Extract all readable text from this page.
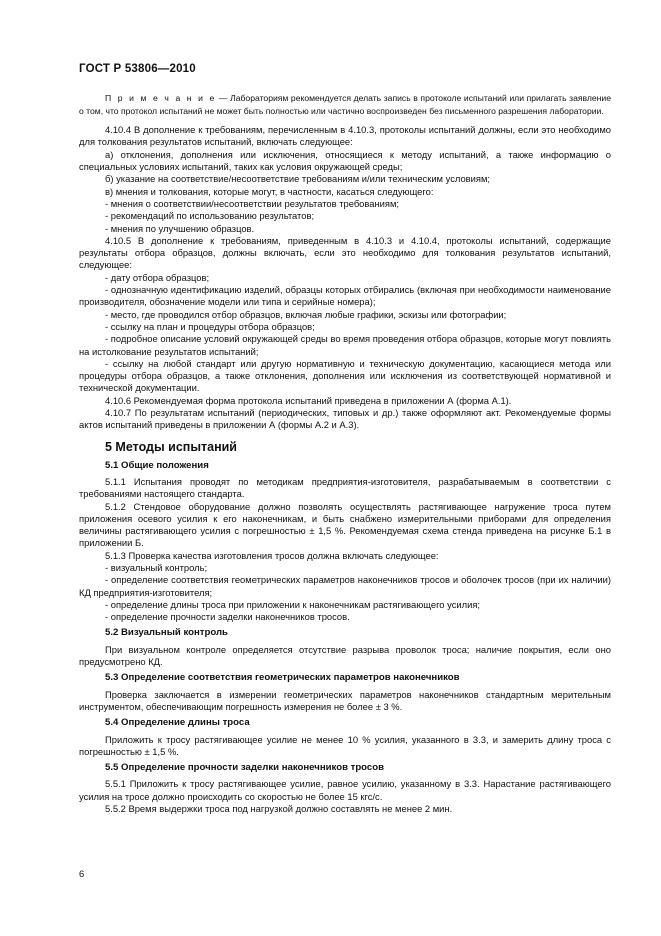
ГОСТ Р 53806—2010

П р и м е ч а н и е — Лабораториям рекомендуется делать запись в протоколе испытаний или прилагать заявление о том, что протокол испытаний не может быть полностью или частично воспроизведен без письменного разрешения лаборатории.

4.10.4 В дополнение к требованиям, перечисленным в 4.10.3, протоколы испытаний должны, если это необходимо для толкования результатов испытаний, включать следующее:

а) отклонения, дополнения или исключения, относящиеся к методу испытаний, а также информацию о специальных условиях испытаний, таких как условия окружающей среды;

б) указание на соответствие/несоответствие требованиям и/или техническим условиям;

в) мнения и толкования, которые могут, в частности, касаться следующего:

- мнения о соответствии/несоответствии результатов требованиям;

- рекомендаций по использованию результатов;

- мнения по улучшению образцов.

4.10.5 В дополнение к требованиям, приведенным в 4.10.3 и 4.10.4, протоколы испытаний, содержащие результаты отбора образцов, должны включать, если это необходимо для толкования результатов испытаний, следующее:

- дату отбора образцов;

- однозначную идентификацию изделий, образцы которых отбирались (включая при необходимости наименование производителя, обозначение модели или типа и серийные номера);

- место, где проводился отбор образцов, включая любые графики, эскизы или фотографии;

- ссылку на план и процедуры отбора образцов;

- подробное описание условий окружающей среды во время проведения отбора образцов, которые могут повлиять на истолкование результатов испытаний;

- ссылку на любой стандарт или другую нормативную и техническую документацию, касающиеся метода или процедуры отбора образцов, а также отклонения, дополнения или исключения из соответствующей нормативной и технической документации.

4.10.6 Рекомендуемая форма протокола испытаний приведена в приложении А (форма А.1).

4.10.7 По результатам испытаний (периодических, типовых и др.) также оформляют акт. Рекомендуемые формы актов испытаний приведены в приложении А (формы А.2 и А.3).

5 Методы испытаний
5.1 Общие положения

5.1.1 Испытания проводят по методикам предприятия-изготовителя, разрабатываемым в соответствии с требованиями настоящего стандарта.

5.1.2 Стендовое оборудование должно позволять осуществлять растягивающее нагружение троса путем приложения осевого усилия к его наконечникам, и быть снабжено измерительными приборами для определения величины растягивающего усилия с погрешностью ± 1,5 %. Рекомендуемая схема стенда приведена на рисунке Б.1 в приложении Б.

5.1.3 Проверка качества изготовления тросов должна включать следующее:

- визуальный контроль;

- определение соответствия геометрических параметров наконечников тросов и оболочек тросов (при их наличии) КД предприятия-изготовителя;

- определение длины троса при приложении к наконечникам растягивающего усилия;

- определение прочности заделки наконечников тросов.

5.2 Визуальный контроль

При визуальном контроле определяется отсутствие разрыва проволок троса; наличие покрытия, если оно предусмотрено КД.

5.3 Определение соответствия геометрических параметров наконечников

Проверка заключается в измерении геометрических параметров наконечников стандартным мерительным инструментом, обеспечивающим погрешность измерения не более ± 3 %.

5.4 Определение длины троса

Приложить к тросу растягивающее усилие не менее 10 % усилия, указанного в 3.3, и замерить длину троса с погрешностью ± 1,5 %.

5.5 Определение прочности заделки наконечников тросов

5.5.1 Приложить к тросу растягивающее усилие, равное усилию, указанному в 3.3. Нарастание растягивающего усилия на тросе должно происходить со скоростью не более 15 кгс/с.

5.5.2 Время выдержки троса под нагрузкой должно составлять не менее 2 мин.

6
